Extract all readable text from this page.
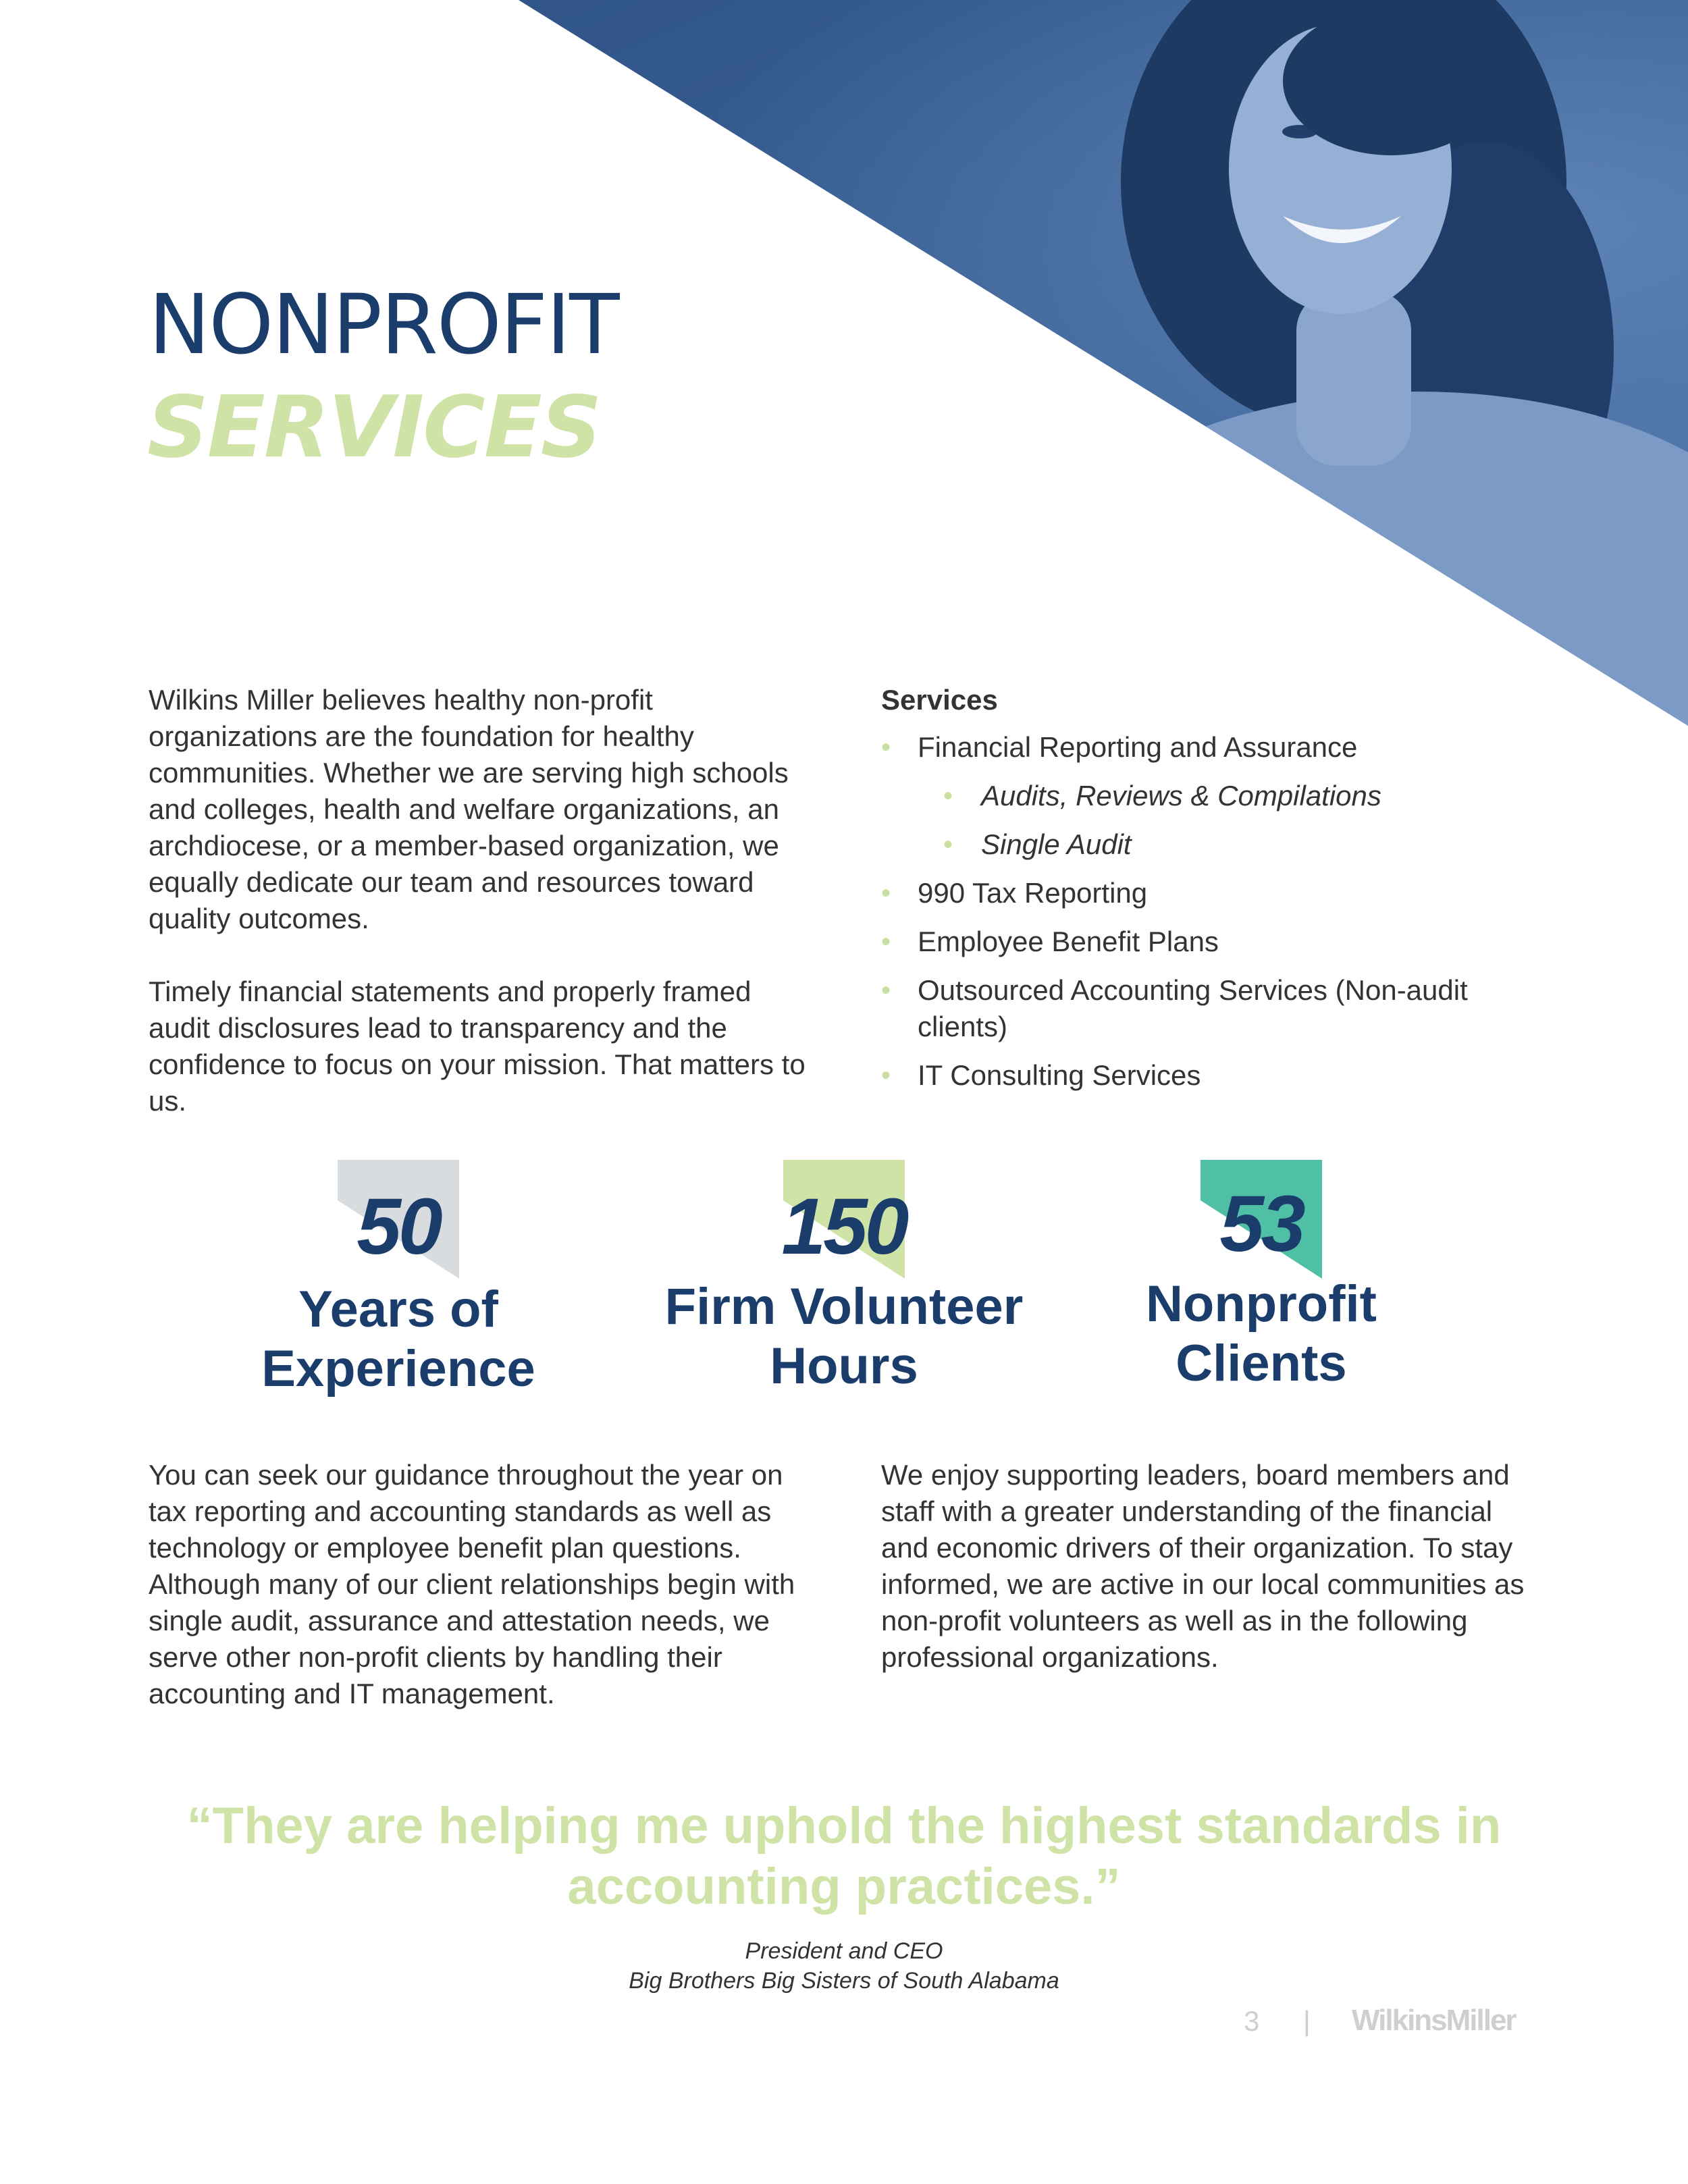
NONPROFIT
SERVICES

Wilkins Miller believes healthy non-profit organizations are the foundation for healthy communities. Whether we are serving high schools and colleges, health and welfare organizations, an archdiocese, or a member-based organization, we equally dedicate our team and resources toward quality outcomes.

Timely financial statements and properly framed audit disclosures lead to transparency and the confidence to focus on your mission. That matters to us.

Services
• Financial Reporting and Assurance
• Audits, Reviews & Compilations
• Single Audit
• 990 Tax Reporting
• Employee Benefit Plans
• Outsourced Accounting Services (Non-audit clients)
• IT Consulting Services
50
Years of Experience
150
Firm Volunteer Hours
53
Nonprofit Clients

You can seek our guidance throughout the year on tax reporting and accounting standards as well as technology or employee benefit plan questions. Although many of our client relationships begin with single audit, assurance and attestation needs, we serve other non-profit clients by handling their accounting and IT management.

We enjoy supporting leaders, board members and staff with a greater understanding of the financial and economic drivers of their organization. To stay informed, we are active in our local communities as non-profit volunteers as well as in the following professional organizations.

“They are helping me uphold the highest standards in accounting practices.”
President and CEO
Big Brothers Big Sisters of South Alabama
3 | WilkinsMiller
